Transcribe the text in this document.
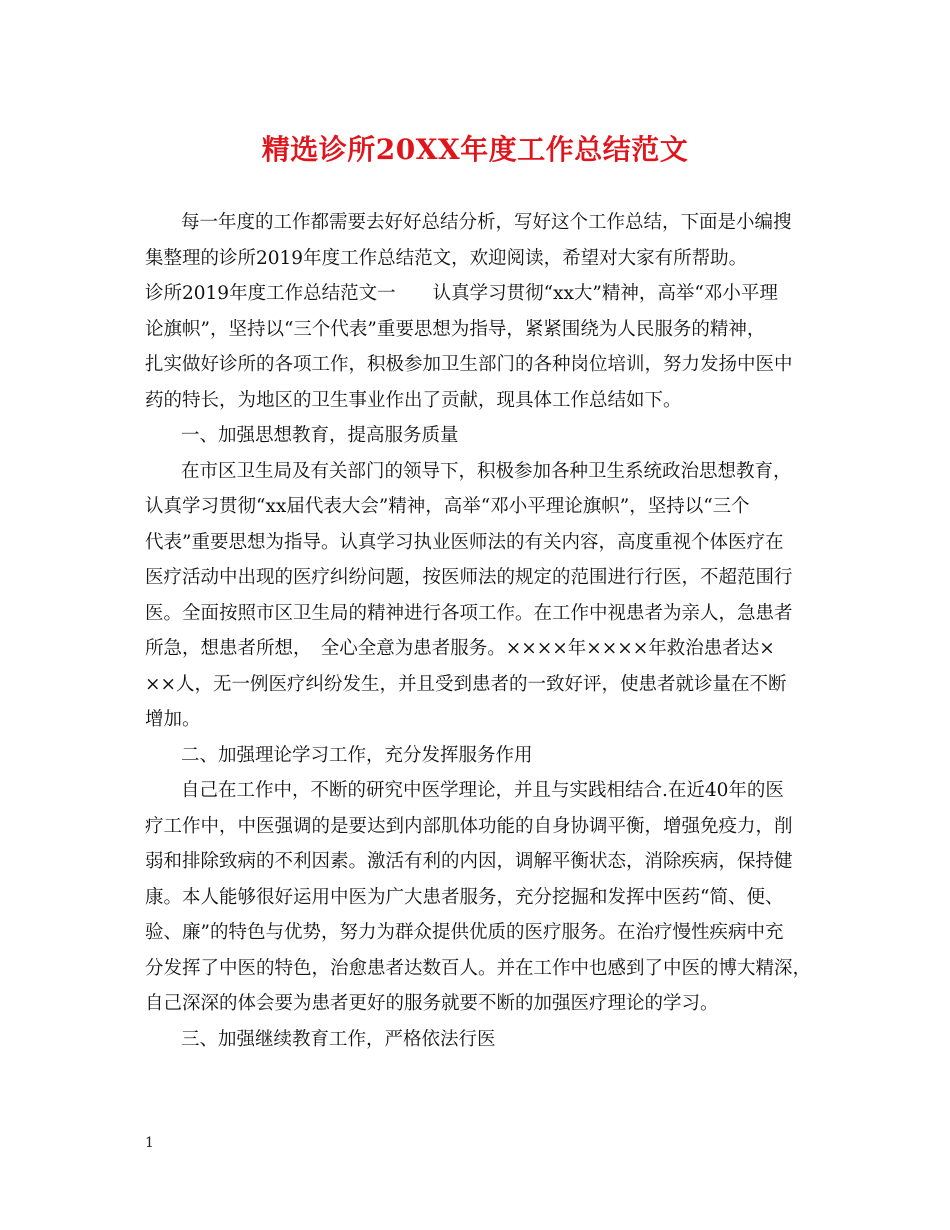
精选诊所20XX年度工作总结范文
每一年度的工作都需要去好好总结分析，写好这个工作总结，下面是小编搜
集整理的诊所2019年度工作总结范文，欢迎阅读，希望对大家有所帮助。
诊所2019年度工作总结范文一　　认真学习贯彻“xx大”精神，高举“邓小平理
论旗帜”，坚持以“三个代表”重要思想为指导，紧紧围绕为人民服务的精神，
扎实做好诊所的各项工作，积极参加卫生部门的各种岗位培训，努力发扬中医中
药的特长，为地区的卫生事业作出了贡献，现具体工作总结如下。
一、加强思想教育，提高服务质量
在市区卫生局及有关部门的领导下，积极参加各种卫生系统政治思想教育，
认真学习贯彻“xx届代表大会”精神，高举“邓小平理论旗帜”，坚持以“三个
代表”重要思想为指导。认真学习执业医师法的有关内容，高度重视个体医疗在
医疗活动中出现的医疗纠纷问题，按医师法的规定的范围进行行医，不超范围行
医。全面按照市区卫生局的精神进行各项工作。在工作中视患者为亲人，急患者
所急，想患者所想，　全心全意为患者服务。××××年××××年救治患者达×
××人，无一例医疗纠纷发生，并且受到患者的一致好评，使患者就诊量在不断
增加。
二、加强理论学习工作，充分发挥服务作用
自己在工作中，不断的研究中医学理论，并且与实践相结合.在近40年的医
疗工作中，中医强调的是要达到内部肌体功能的自身协调平衡，增强免疫力，削
弱和排除致病的不利因素。激活有利的内因，调解平衡状态，消除疾病，保持健
康。本人能够很好运用中医为广大患者服务，充分挖掘和发挥中医药“简、便、
验、廉”的特色与优势，努力为群众提供优质的医疗服务。在治疗慢性疾病中充
分发挥了中医的特色，治愈患者达数百人。并在工作中也感到了中医的博大精深，
自己深深的体会要为患者更好的服务就要不断的加强医疗理论的学习。
三、加强继续教育工作，严格依法行医
1
